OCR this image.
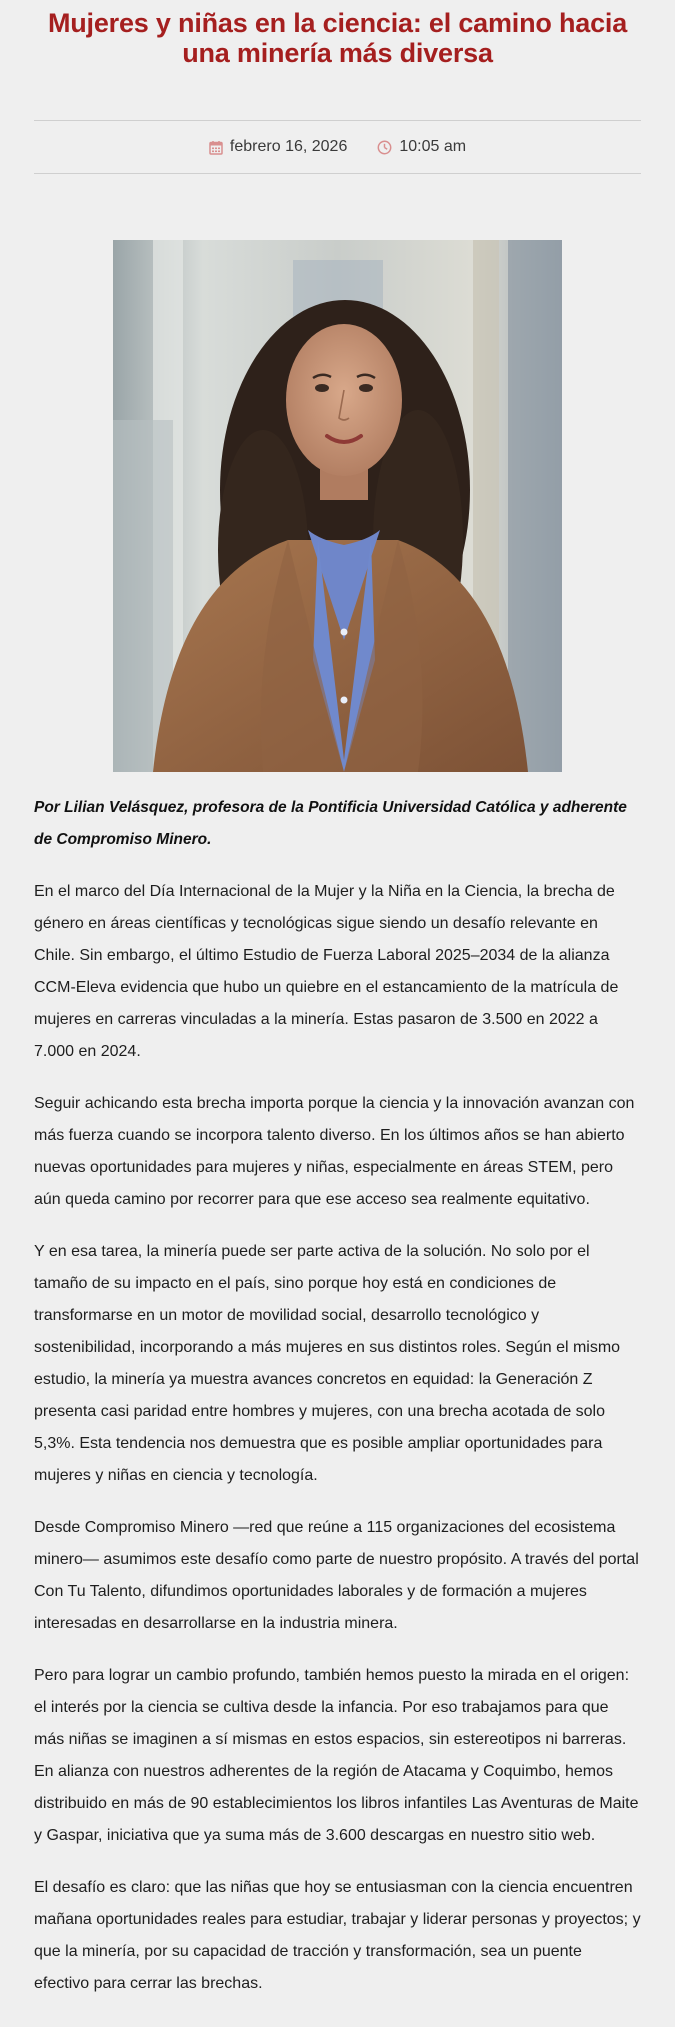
Mujeres y niñas en la ciencia: el camino hacia una minería más diversa
febrero 16, 2026	10:05 am

Por Lilian Velásquez, profesora de la Pontificia Universidad Católica y adherente de Compromiso Minero.

En el marco del Día Internacional de la Mujer y la Niña en la Ciencia, la brecha de género en áreas científicas y tecnológicas sigue siendo un desafío relevante en Chile. Sin embargo, el último Estudio de Fuerza Laboral 2025–2034 de la alianza CCM-Eleva evidencia que hubo un quiebre en el estancamiento de la matrícula de mujeres en carreras vinculadas a la minería. Estas pasaron de 3.500 en 2022 a 7.000 en 2024.

Seguir achicando esta brecha importa porque la ciencia y la innovación avanzan con más fuerza cuando se incorpora talento diverso. En los últimos años se han abierto nuevas oportunidades para mujeres y niñas, especialmente en áreas STEM, pero aún queda camino por recorrer para que ese acceso sea realmente equitativo.

Y en esa tarea, la minería puede ser parte activa de la solución. No solo por el tamaño de su impacto en el país, sino porque hoy está en condiciones de transformarse en un motor de movilidad social, desarrollo tecnológico y sostenibilidad, incorporando a más mujeres en sus distintos roles. Según el mismo estudio, la minería ya muestra avances concretos en equidad: la Generación Z presenta casi paridad entre hombres y mujeres, con una brecha acotada de solo 5,3%. Esta tendencia nos demuestra que es posible ampliar oportunidades para mujeres y niñas en ciencia y tecnología.

Desde Compromiso Minero —red que reúne a 115 organizaciones del ecosistema minero— asumimos este desafío como parte de nuestro propósito. A través del portal Con Tu Talento, difundimos oportunidades laborales y de formación a mujeres interesadas en desarrollarse en la industria minera.

Pero para lograr un cambio profundo, también hemos puesto la mirada en el origen: el interés por la ciencia se cultiva desde la infancia. Por eso trabajamos para que más niñas se imaginen a sí mismas en estos espacios, sin estereotipos ni barreras. En alianza con nuestros adherentes de la región de Atacama y Coquimbo, hemos distribuido en más de 90 establecimientos los libros infantiles Las Aventuras de Maite y Gaspar, iniciativa que ya suma más de 3.600 descargas en nuestro sitio web.

El desafío es claro: que las niñas que hoy se entusiasman con la ciencia encuentren mañana oportunidades reales para estudiar, trabajar y liderar personas y proyectos; y que la minería, por su capacidad de tracción y transformación, sea un puente efectivo para cerrar las brechas.
